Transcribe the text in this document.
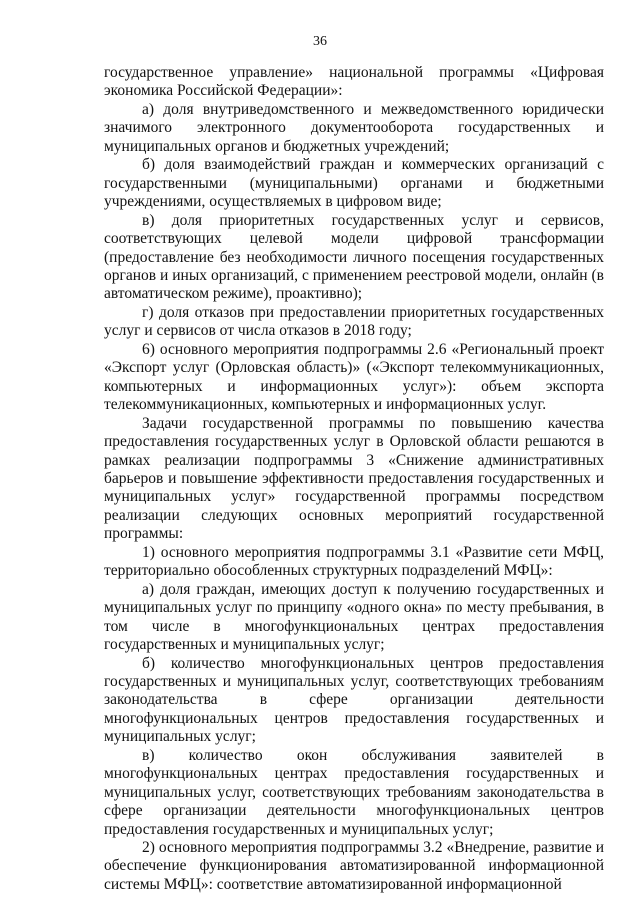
36

государственное управление» национальной программы «Цифровая экономика Российской Федерации»:

а) доля внутриведомственного и межведомственного юридически значимого электронного документооборота государственных и муниципальных органов и бюджетных учреждений;

б) доля взаимодействий граждан и коммерческих организаций с государственными (муниципальными) органами и бюджетными учреждениями, осуществляемых в цифровом виде;

в) доля приоритетных государственных услуг и сервисов, соответствующих целевой модели цифровой трансформации (предоставление без необходимости личного посещения государственных органов и иных организаций, с применением реестровой модели, онлайн (в автоматическом режиме), проактивно);

г) доля отказов при предоставлении приоритетных государственных услуг и сервисов от числа отказов в 2018 году;

6) основного мероприятия подпрограммы 2.6 «Региональный проект «Экспорт услуг (Орловская область)» («Экспорт телекоммуникационных, компьютерных и информационных услуг»): объем экспорта телекоммуникационных, компьютерных и информационных услуг.

Задачи государственной программы по повышению качества предоставления государственных услуг в Орловской области решаются в рамках реализации подпрограммы 3 «Снижение административных барьеров и повышение эффективности предоставления государственных и муниципальных услуг» государственной программы посредством реализации следующих основных мероприятий государственной программы:

1) основного мероприятия подпрограммы 3.1 «Развитие сети МФЦ, территориально обособленных структурных подразделений МФЦ»:

а) доля граждан, имеющих доступ к получению государственных и муниципальных услуг по принципу «одного окна» по месту пребывания, в том числе в многофункциональных центрах предоставления государственных и муниципальных услуг;

б) количество многофункциональных центров предоставления государственных и муниципальных услуг, соответствующих требованиям законодательства в сфере организации деятельности многофункциональных центров предоставления государственных и муниципальных услуг;

в) количество окон обслуживания заявителей в многофункциональных центрах предоставления государственных и муниципальных услуг, соответствующих требованиям законодательства в сфере организации деятельности многофункциональных центров предоставления государственных и муниципальных услуг;

2) основного мероприятия подпрограммы 3.2 «Внедрение, развитие и обеспечение функционирования автоматизированной информационной системы МФЦ»: соответствие автоматизированной информационной
